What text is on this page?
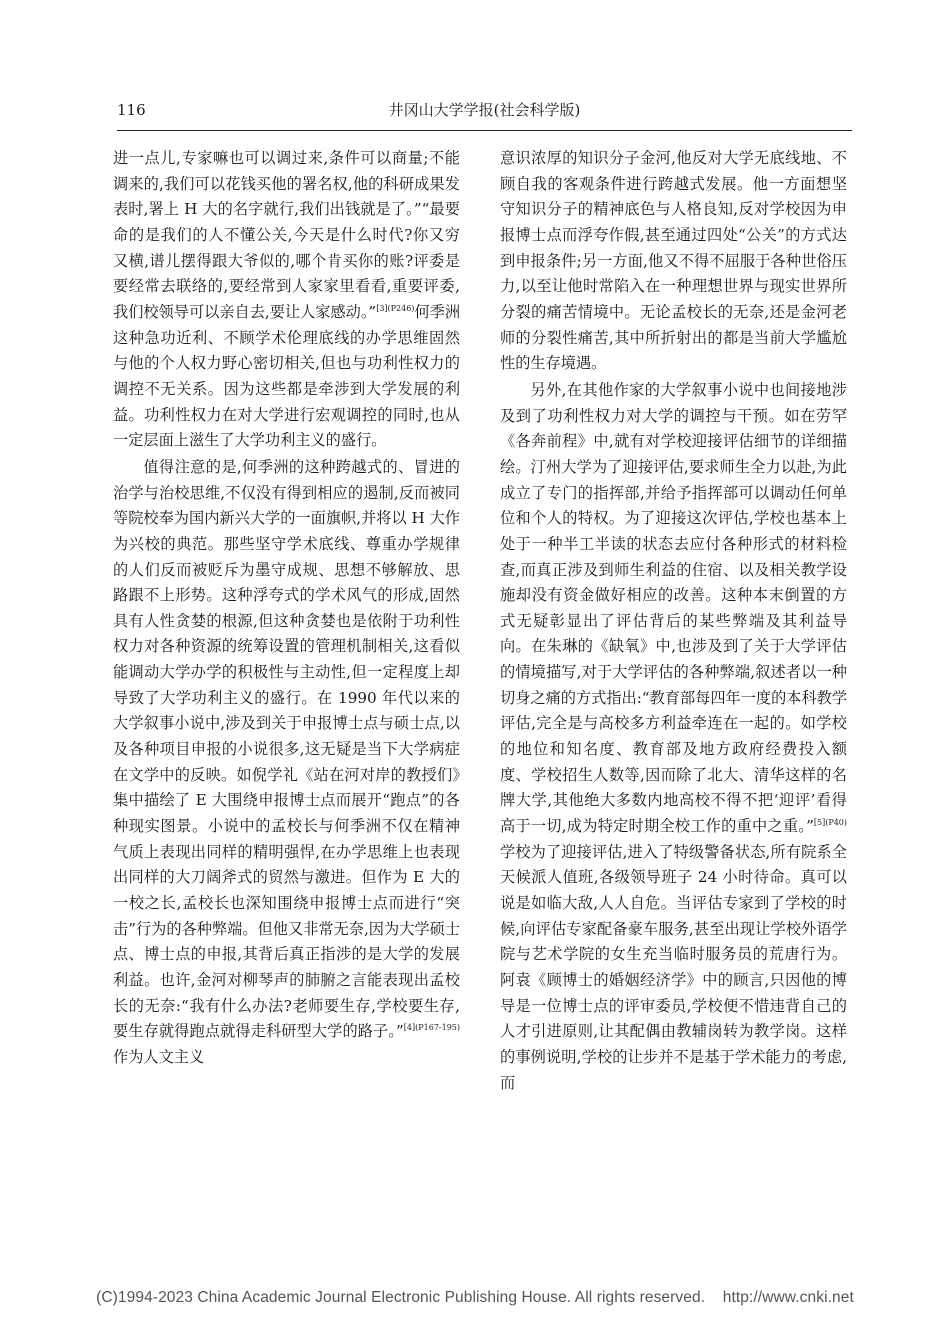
116	井冈山大学学报(社会科学版)

进一点儿,专家嘛也可以调过来,条件可以商量;不能调来的,我们可以花钱买他的署名权,他的科研成果发表时,署上 H 大的名字就行,我们出钱就是了。”“最要命的是我们的人不懂公关,今天是什么时代?你又穷又横,谱儿摆得跟大爷似的,哪个肯买你的账?评委是要经常去联络的,要经常到人家家里看看,重要评委,我们校领导可以亲自去,要让人家感动。”$^{[3](P246)}$何季洲这种急功近利、不顾学术伦理底线的办学思维固然与他的个人权力野心密切相关,但也与功利性权力的调控不无关系。因为这些都是牵涉到大学发展的利益。功利性权力在对大学进行宏观调控的同时,也从一定层面上滋生了大学功利主义的盛行。

值得注意的是,何季洲的这种跨越式的、冒进的治学与治校思维,不仅没有得到相应的遏制,反而被同等院校奉为国内新兴大学的一面旗帜,并将以 H 大作为兴校的典范。那些坚守学术底线、尊重办学规律的人们反而被贬斥为墨守成规、思想不够解放、思路跟不上形势。这种浮夸式的学术风气的形成,固然具有人性贪婪的根源,但这种贪婪也是依附于功利性权力对各种资源的统筹设置的管理机制相关,这看似能调动大学办学的积极性与主动性,但一定程度上却导致了大学功利主义的盛行。在 1990 年代以来的大学叙事小说中,涉及到关于申报博士点与硕士点,以及各种项目申报的小说很多,这无疑是当下大学病症在文学中的反映。如倪学礼《站在河对岸的教授们》集中描绘了 E 大围绕申报博士点而展开“跑点”的各种现实图景。小说中的孟校长与何季洲不仅在精神气质上表现出同样的精明强悍,在办学思维上也表现出同样的大刀阔斧式的贸然与激进。但作为 E 大的一校之长,孟校长也深知围绕申报博士点而进行“突击”行为的各种弊端。但他又非常无奈,因为大学硕士点、博士点的申报,其背后真正指涉的是大学的发展利益。也许,金河对柳琴声的肺腑之言能表现出孟校长的无奈:“我有什么办法?老师要生存,学校要生存,要生存就得跑点就得走科研型大学的路子。”$^{[4](P167-195)}$作为人文主义

意识浓厚的知识分子金河,他反对大学无底线地、不顾自我的客观条件进行跨越式发展。他一方面想坚守知识分子的精神底色与人格良知,反对学校因为申报博士点而浮夸作假,甚至通过四处“公关”的方式达到申报条件;另一方面,他又不得不屈服于各种世俗压力,以至让他时常陷入在一种理想世界与现实世界所分裂的痛苦情境中。无论孟校长的无奈,还是金河老师的分裂性痛苦,其中所折射出的都是当前大学尴尬性的生存境遇。

另外,在其他作家的大学叙事小说中也间接地涉及到了功利性权力对大学的调控与干预。如在劳罕《各奔前程》中,就有对学校迎接评估细节的详细描绘。汀州大学为了迎接评估,要求师生全力以赴,为此成立了专门的指挥部,并给予指挥部可以调动任何单位和个人的特权。为了迎接这次评估,学校也基本上处于一种半工半读的状态去应付各种形式的材料检查,而真正涉及到师生利益的住宿、以及相关教学设施却没有资金做好相应的改善。这种本末倒置的方式无疑彰显出了评估背后的某些弊端及其利益导向。在朱琳的《缺氧》中,也涉及到了关于大学评估的情境描写,对于大学评估的各种弊端,叙述者以一种切身之痛的方式指出:“教育部每四年一度的本科教学评估,完全是与高校多方利益牵连在一起的。如学校的地位和知名度、教育部及地方政府经费投入额度、学校招生人数等,因而除了北大、清华这样的名牌大学,其他绝大多数内地高校不得不把‘迎评’看得高于一切,成为特定时期全校工作的重中之重。”$^{[5](P40)}$学校为了迎接评估,进入了特级警备状态,所有院系全天候派人值班,各级领导班子 24 小时待命。真可以说是如临大敌,人人自危。当评估专家到了学校的时候,向评估专家配备豪车服务,甚至出现让学校外语学院与艺术学院的女生充当临时服务员的荒唐行为。阿袁《顾博士的婚姻经济学》中的顾言,只因他的博导是一位博士点的评审委员,学校便不惜违背自己的人才引进原则,让其配偶由教辅岗转为教学岗。这样的事例说明,学校的让步并不是基于学术能力的考虑,而

(C)1994-2023 China Academic Journal Electronic Publishing House. All rights reserved.    http://www.cnki.net
